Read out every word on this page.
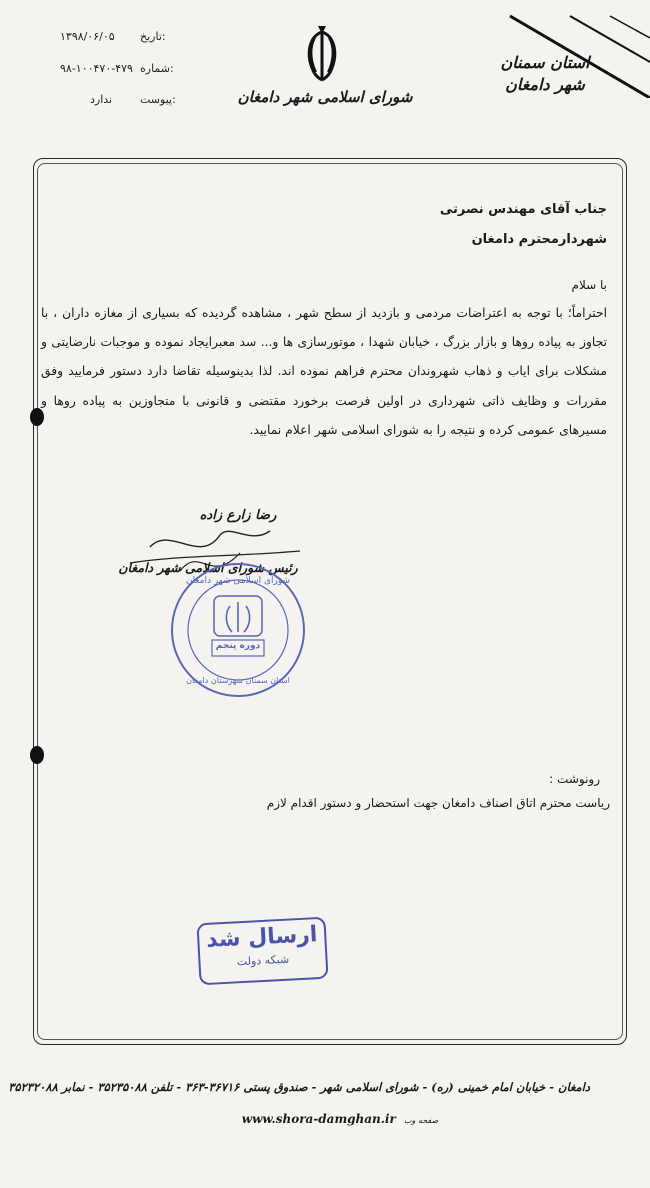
تاریخ:
۱۳۹۸/۰۶/۰۵
شماره:
۹۸-۱۰۰۴۷۰-۴۷۹
پیوست:
ندارد	شورای اسلامی شهر دامغان
استان سمنان
شهر دامغان
جناب آقای مهندس نصرتی
شهردارمحترم دامغان
با سلام
احتراماً؛ با توجه به اعتراضات مردمی و بازدید از سطح شهر ، مشاهده گردیده که بسیاری از مغازه داران ، با تجاوز به پیاده روها و بازار بزرگ ، خیابان شهدا ، موتورسازی ها و... سد معبرایجاد نموده و موجبات نارضایتی و مشکلات برای ایاب و ذهاب شهروندان محترم فراهم نموده اند. لذا بدینوسیله تقاضا دارد دستور فرمایید وفق مقررات و وظایف ذاتی شهرداری در اولین فرصت برخورد مقتضی و قانونی با متجاوزین به پیاده روها و مسیرهای عمومی کرده و نتیجه را به شورای اسلامی شهر اعلام نمایید.
رضا زارع زاده
رئیس شورای اسلامی شهر دامغان
شورای اسلامی شهر دامغان
دوره پنجم
استان سمنان شهرستان دامغان
رونوشت :
ریاست محترم اتاق اصناف دامغان جهت استحضار و دستور اقدام لازم
ارسال شد
شبکه دولت
دامغان - خیابان امام خمینی (ره) - شورای اسلامی شهر - صندوق پستی ۳۶۷۱۶-۳۶۳ - تلفن ۳۵۲۳۵۰۸۸ - نمابر ۳۵۲۳۲۰۸۸
www.shora-damghan.ir صفحه وب
